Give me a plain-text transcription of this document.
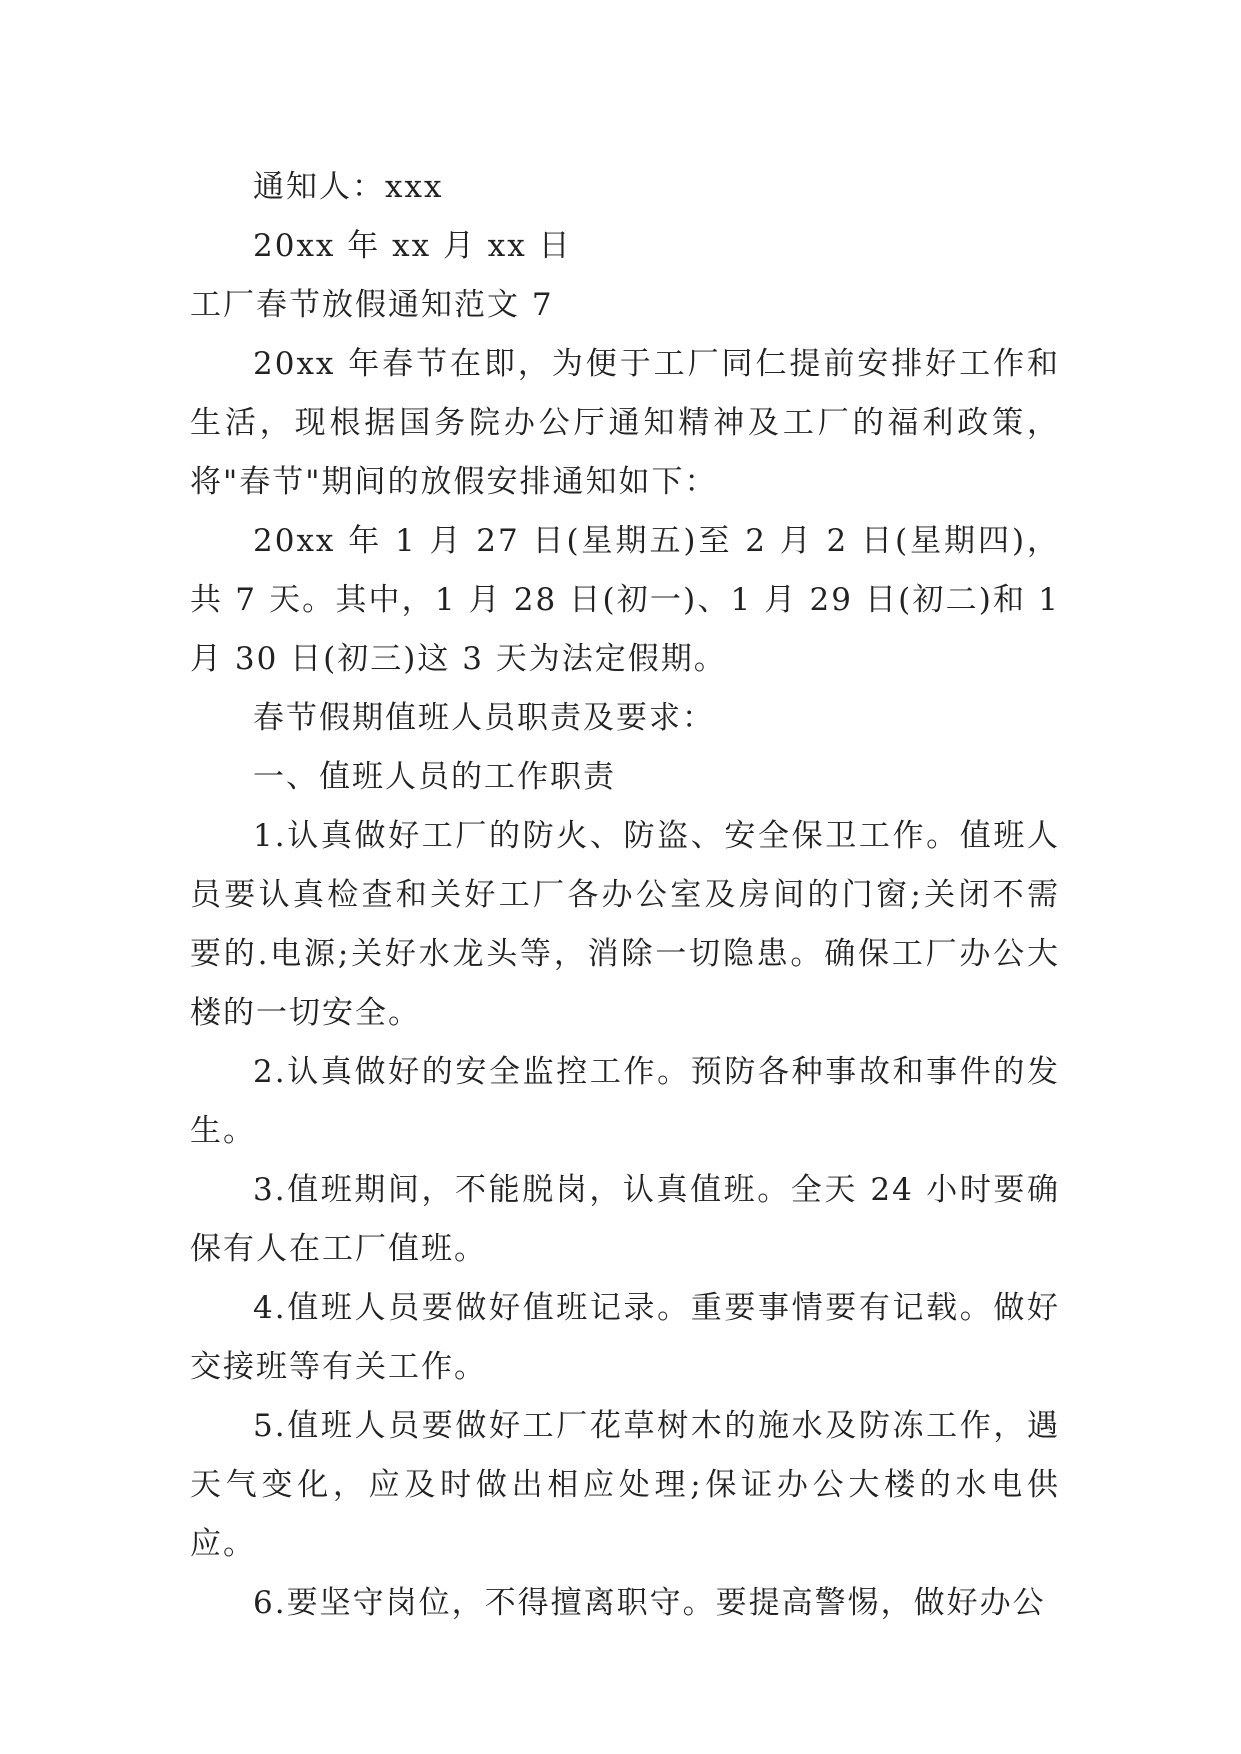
通知人：xxx

20xx 年 xx 月 xx 日

工厂春节放假通知范文 7

20xx 年春节在即，为便于工厂同仁提前安排好工作和生活，现根据国务院办公厅通知精神及工厂的福利政策，将"春节"期间的放假安排通知如下：

20xx 年 1 月 27 日(星期五)至 2 月 2 日(星期四)，共 7 天。其中，1 月 28 日(初一)、1 月 29 日(初二)和 1 月 30 日(初三)这 3 天为法定假期。

春节假期值班人员职责及要求：

一、值班人员的工作职责

1.认真做好工厂的防火、防盗、安全保卫工作。值班人员要认真检查和关好工厂各办公室及房间的门窗;关闭不需要的.电源;关好水龙头等，消除一切隐患。确保工厂办公大楼的一切安全。

2.认真做好的安全监控工作。预防各种事故和事件的发生。

3.值班期间，不能脱岗，认真值班。全天 24 小时要确保有人在工厂值班。

4.值班人员要做好值班记录。重要事情要有记载。做好交接班等有关工作。

5.值班人员要做好工厂花草树木的施水及防冻工作，遇天气变化，应及时做出相应处理;保证办公大楼的水电供应。

6.要坚守岗位，不得擅离职守。要提高警惕，做好办公
